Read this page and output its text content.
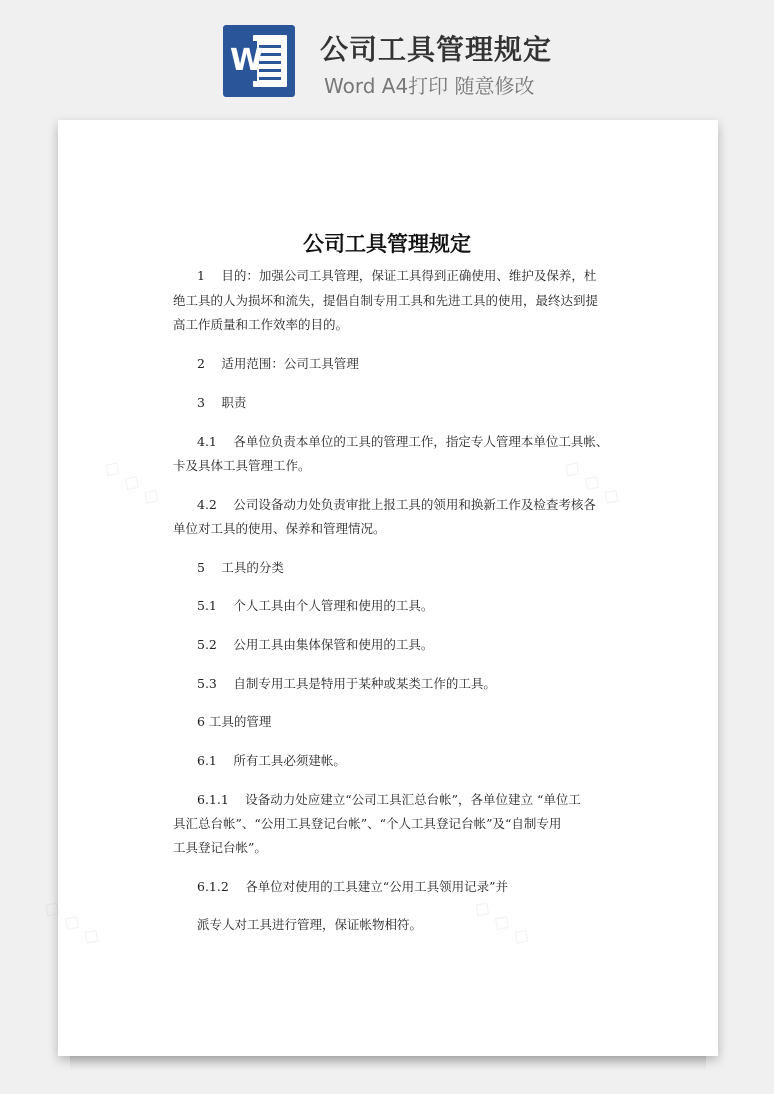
W 公司工具管理规定
Word A4打印 随意修改
◇ ◇ ◇	◇ ◇ ◇
◇ ◇ ◇	◇ ◇ ◇
公司工具管理规定
1　 目的：加强公司工具管理，保证工具得到正确使用、维护及保养，杜
绝工具的人为损坏和流失，提倡自制专用工具和先进工具的使用，最终达到提
高工作质量和工作效率的目的。
2　 适用范围：公司工具管理
3　 职责
4.1　 各单位负责本单位的工具的管理工作，指定专人管理本单位工具帐、
卡及具体工具管理工作。
4.2　 公司设备动力处负责审批上报工具的领用和换新工作及检查考核各
单位对工具的使用、保养和管理情况。
5　 工具的分类
5.1　 个人工具由个人管理和使用的工具。
5.2　 公用工具由集体保管和使用的工具。
5.3　 自制专用工具是特用于某种或某类工作的工具。
6 工具的管理
6.1　 所有工具必须建帐。
6.1.1　 设备动力处应建立“公司工具汇总台帐”，各单位建立 “单位工
具汇总台帐”、“公用工具登记台帐”、“个人工具登记台帐”及“自制专用
工具登记台帐”。
6.1.2　 各单位对使用的工具建立“公用工具领用记录”并
派专人对工具进行管理，保证帐物相符。
